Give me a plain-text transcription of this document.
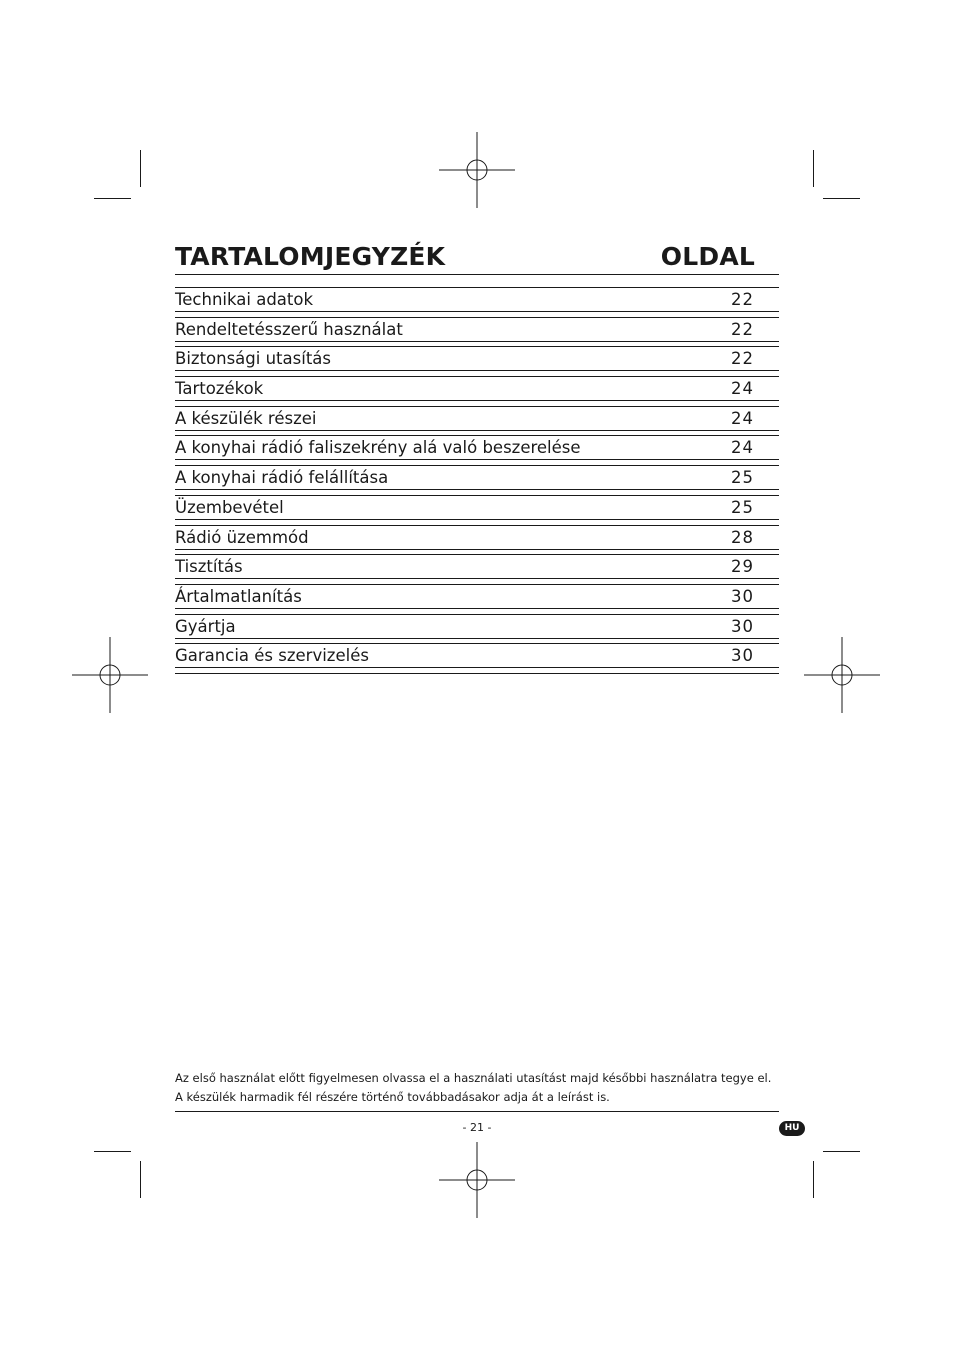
TARTALOMJEGYZÉK	OLDAL
Technikai adatok	22
Rendeltetésszerű használat	22
Biztonsági utasítás	22
Tartozékok	24
A készülék részei	24
A konyhai rádió faliszekrény alá való beszerelése	24
A konyhai rádió felállítása	25
Üzembevétel	25
Rádió üzemmód	28
Tisztítás	29
Ártalmatlanítás	30
Gyártja	30
Garancia és szervizelés	30

Az első használat előtt figyelmesen olvassa el a használati utasítást majd későbbi használatra tegye el.

A készülék harmadik fél részére történő továbbadásakor adja át a leírást is.

- 21 -	HU
